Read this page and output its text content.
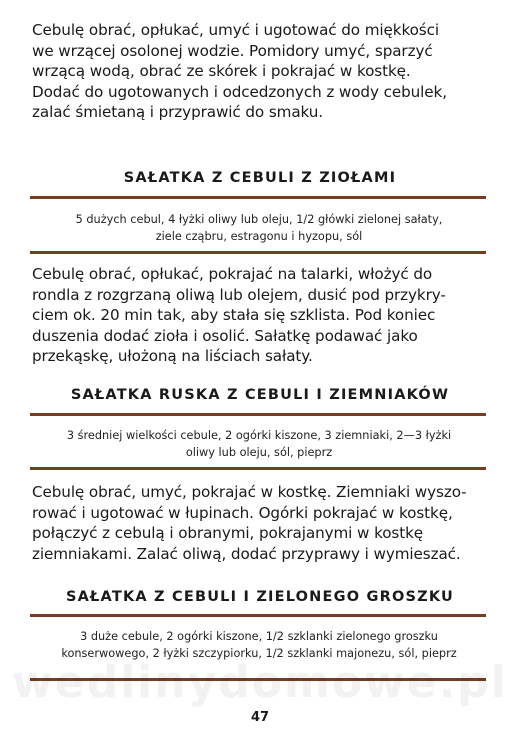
Cebulę obrać, opłukać, umyć i ugotować do miękkości
we wrzącej osolonej wodzie. Pomidory umyć, sparzyć
wrzącą wodą, obrać ze skórek i pokrajać w kostkę.
Dodać do ugotowanych i odcedzonych z wody cebulek,
zalać śmietaną i przyprawić do smaku.
SAŁATKA Z CEBULI Z ZIOŁAMI
5 dużych cebul, 4 łyżki oliwy lub oleju, 1/2 główki zielonej sałaty,
ziele cząbru, estragonu i hyzopu, sól
Cebulę obrać, opłukać, pokrajać na talarki, włożyć do
rondla z rozgrzaną oliwą lub olejem, dusić pod przykry-
ciem ok. 20 min tak, aby stała się szklista. Pod koniec
duszenia dodać zioła i osolić. Sałatkę podawać jako
przekąskę, ułożoną na liściach sałaty.
SAŁATKA RUSKA Z CEBULI I ZIEMNIAKÓW
3 średniej wielkości cebule, 2 ogórki kiszone, 3 ziemniaki, 2—3 łyżki
oliwy lub oleju, sól, pieprz
Cebulę obrać, umyć, pokrajać w kostkę. Ziemniaki wyszo-
rować i ugotować w łupinach. Ogórki pokrajać w kostkę,
połączyć z cebulą i obranymi, pokrajanymi w kostkę
ziemniakami. Zalać oliwą, dodać przyprawy i wymieszać.
SAŁATKA Z CEBULI I ZIELONEGO GROSZKU
3 duże cebule, 2 ogórki kiszone, 1/2 szklanki zielonego groszku
konserwowego, 2 łyżki szczypiorku, 1/2 szklanki majonezu, sól, pieprz
wedlinydomowe.pl
47
